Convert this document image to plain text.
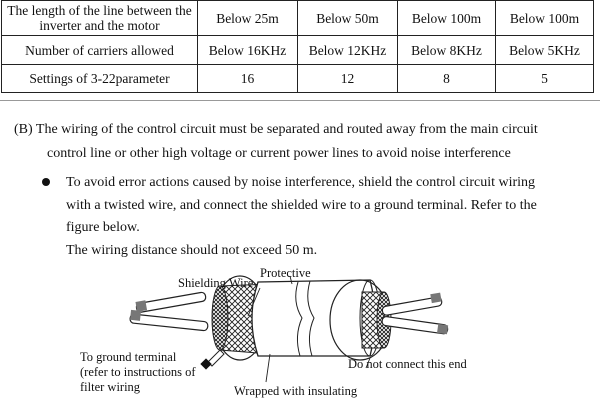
The length of the line between the inverter and the motor	Below 25m	Below 50m	Below 100m	Below 100m
Number of carriers allowed	Below 16KHz	Below 12KHz	Below 8KHz	Below 5KHz
Settings of 3-22parameter	16	12	8	5
(B) The wiring of the control circuit must be separated and routed away from the main circuit
control line or other high voltage or current power lines to avoid noise interference
To avoid error actions caused by noise interference, shield the control circuit wiring
with a twisted wire, and connect the shielded wire to a ground terminal. Refer to the
figure below.
The wiring distance should not exceed 50 m.
Shielding Wire
Protective
To ground terminal
(refer to instructions of
filter wiring
Do not connect this end
Wrapped with insulating
